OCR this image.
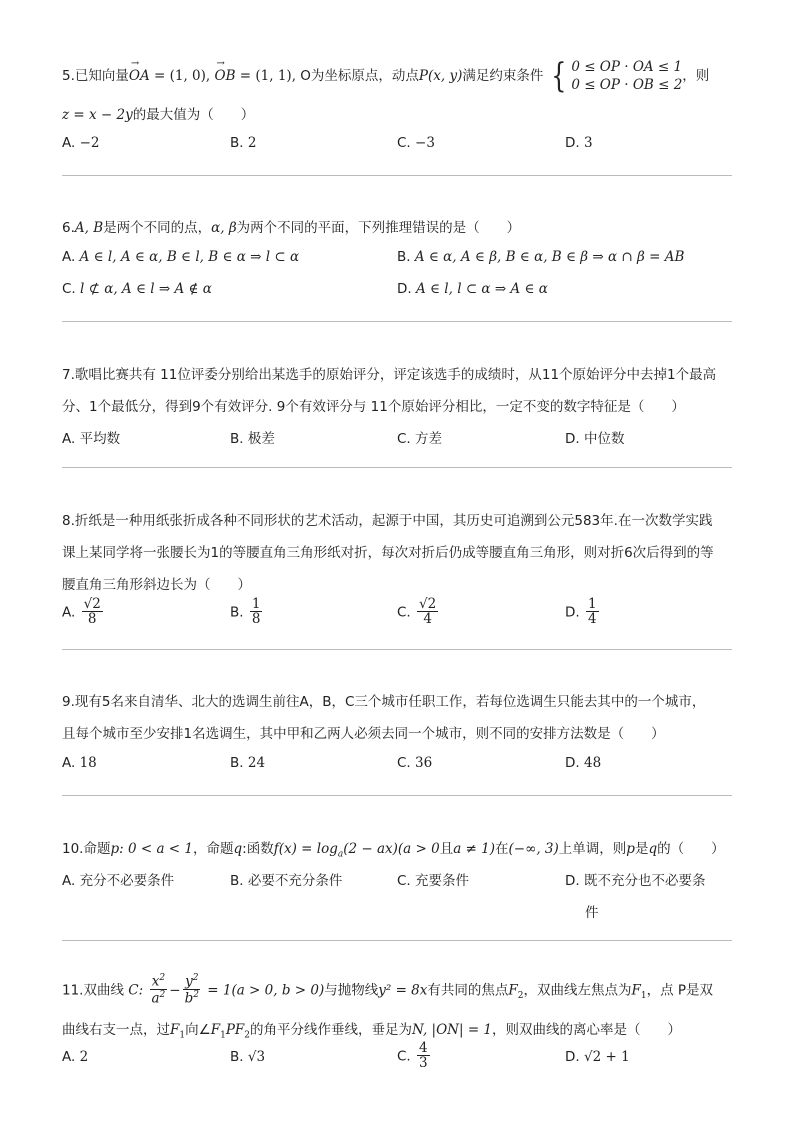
5.已知向量OA → = (1, 0), OB → = (1, 1), O为坐标原点，动点P(x, y)满足约束条件 { 0 ≤ OP · OA ≤ 1
0 ≤ OP · OB ≤ 2
，则
z = x − 2y的最大值为（　　）
A. −2	B. 2	C. −3	D. 3
6.A, B是两个不同的点，α, β为两个不同的平面，下列推理错误的是（　　）
A. A ∈ l, A ∈ α, B ∈ l, B ∈ α ⇒ l ⊂ α	B. A ∈ α, A ∈ β, B ∈ α, B ∈ β ⇒ α ∩ β = AB
C. l ⊄ α, A ∈ l ⇒ A ∉ α	D. A ∈ l, l ⊂ α ⇒ A ∈ α
7.歌唱比赛共有 11位评委分别给出某选手的原始评分，评定该选手的成绩时，从11个原始评分中去掉1个最高
分、1个最低分，得到9个有效评分. 9个有效评分与 11个原始评分相比，一定不变的数字特征是（　　）
A. 平均数	B. 极差	C. 方差	D. 中位数
8.折纸是一种用纸张折成各种不同形状的艺术活动，起源于中国，其历史可追溯到公元583年.在一次数学实践
课上某同学将一张腰长为1的等腰直角三角形纸对折，每次对折后仍成等腰直角三角形，则对折6次后得到的等
腰直角三角形斜边长为（　　）
A. $\frac{√2}{8}$	B. $\frac{1}{8}$	C. $\frac{√2}{4}$	D. $\frac{1}{4}$
9.现有5名来自清华、北大的选调生前往A，B，C三个城市任职工作，若每位选调生只能去其中的一个城市，
且每个城市至少安排1名选调生，其中甲和乙两人必须去同一个城市，则不同的安排方法数是（　　）
A. 18	B. 24	C. 36	D. 48
10.命题p: 0 < a < 1，命题q:函数$f(x) = \log_a(2 - ax)(a > 0$且a ≠ 1)在(−∞, 3)上单调，则p是q的（　　）
A. 充分不必要条件	B. 必要不充分条件	C. 充要条件	D. 既不充分也不必要条
件
11.双曲线 C: $\frac{x^2}{a^2} - \frac{y^2}{b^2} = 1(a > 0$, b > 0)与抛物线y² = 8x有共同的焦点$F_2$，双曲线左焦点为$F_1$，点 P是双
曲线右支一点，过$F_1$向$\angle F_1PF_2$的角平分线作垂线，垂足为N, |ON| = 1，则双曲线的离心率是（　　）
A. 2	B. √3	C. $\frac{4}{3}$	D. √2 + 1
